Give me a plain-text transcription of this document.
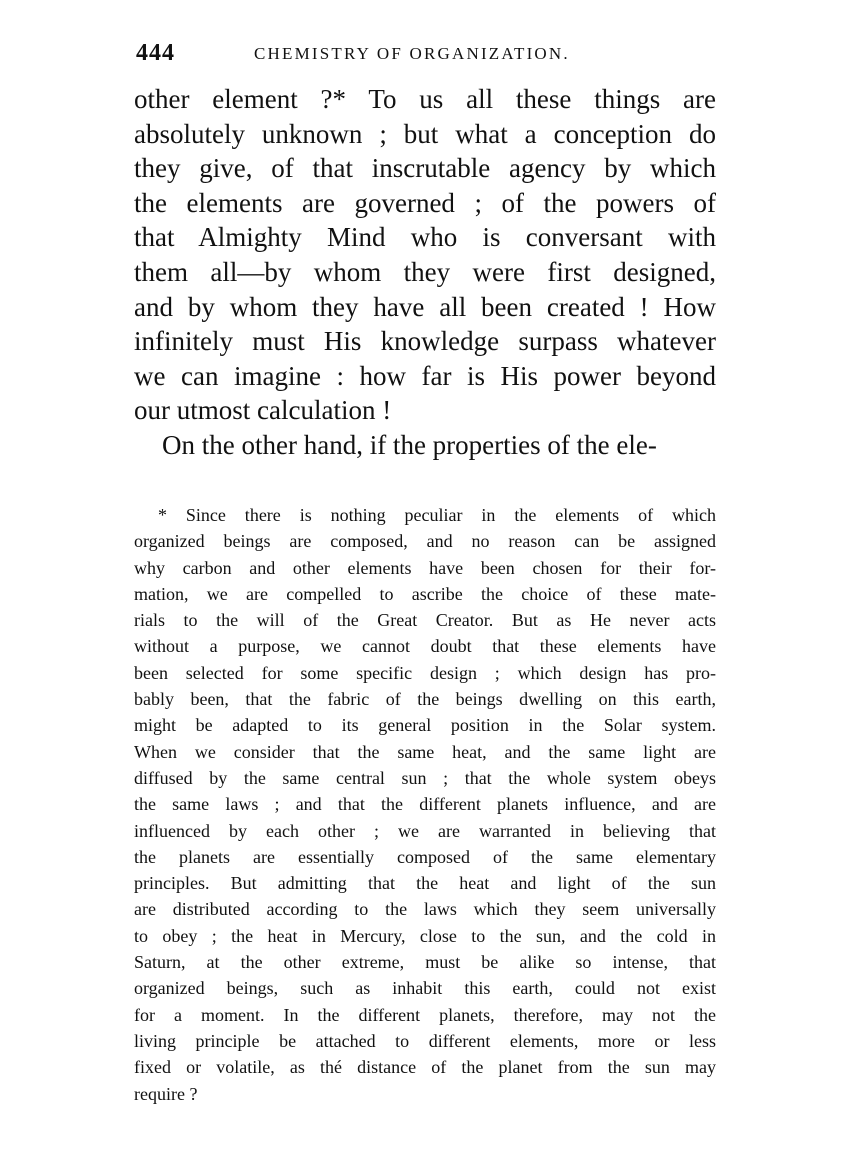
444	CHEMISTRY OF ORGANIZATION.
other element ?* To us all these things are
absolutely unknown ; but what a conception do
they give, of that inscrutable agency by which
the elements are governed ; of the powers of
that Almighty Mind who is conversant with
them all—by whom they were first designed,
and by whom they have all been created ! How
infinitely must His knowledge surpass whatever
we can imagine : how far is His power beyond
our utmost calculation !
On the other hand, if the properties of the ele-
* Since there is nothing peculiar in the elements of which
organized beings are composed, and no reason can be assigned
why carbon and other elements have been chosen for their for-
mation, we are compelled to ascribe the choice of these mate-
rials to the will of the Great Creator. But as He never acts
without a purpose, we cannot doubt that these elements have
been selected for some specific design ; which design has pro-
bably been, that the fabric of the beings dwelling on this earth,
might be adapted to its general position in the Solar system.
When we consider that the same heat, and the same light are
diffused by the same central sun ; that the whole system obeys
the same laws ; and that the different planets influence, and are
influenced by each other ; we are warranted in believing that
the planets are essentially composed of the same elementary
principles. But admitting that the heat and light of the sun
are distributed according to the laws which they seem universally
to obey ; the heat in Mercury, close to the sun, and the cold in
Saturn, at the other extreme, must be alike so intense, that
organized beings, such as inhabit this earth, could not exist
for a moment. In the different planets, therefore, may not the
living principle be attached to different elements, more or less
fixed or volatile, as thé distance of the planet from the sun may
require ?
